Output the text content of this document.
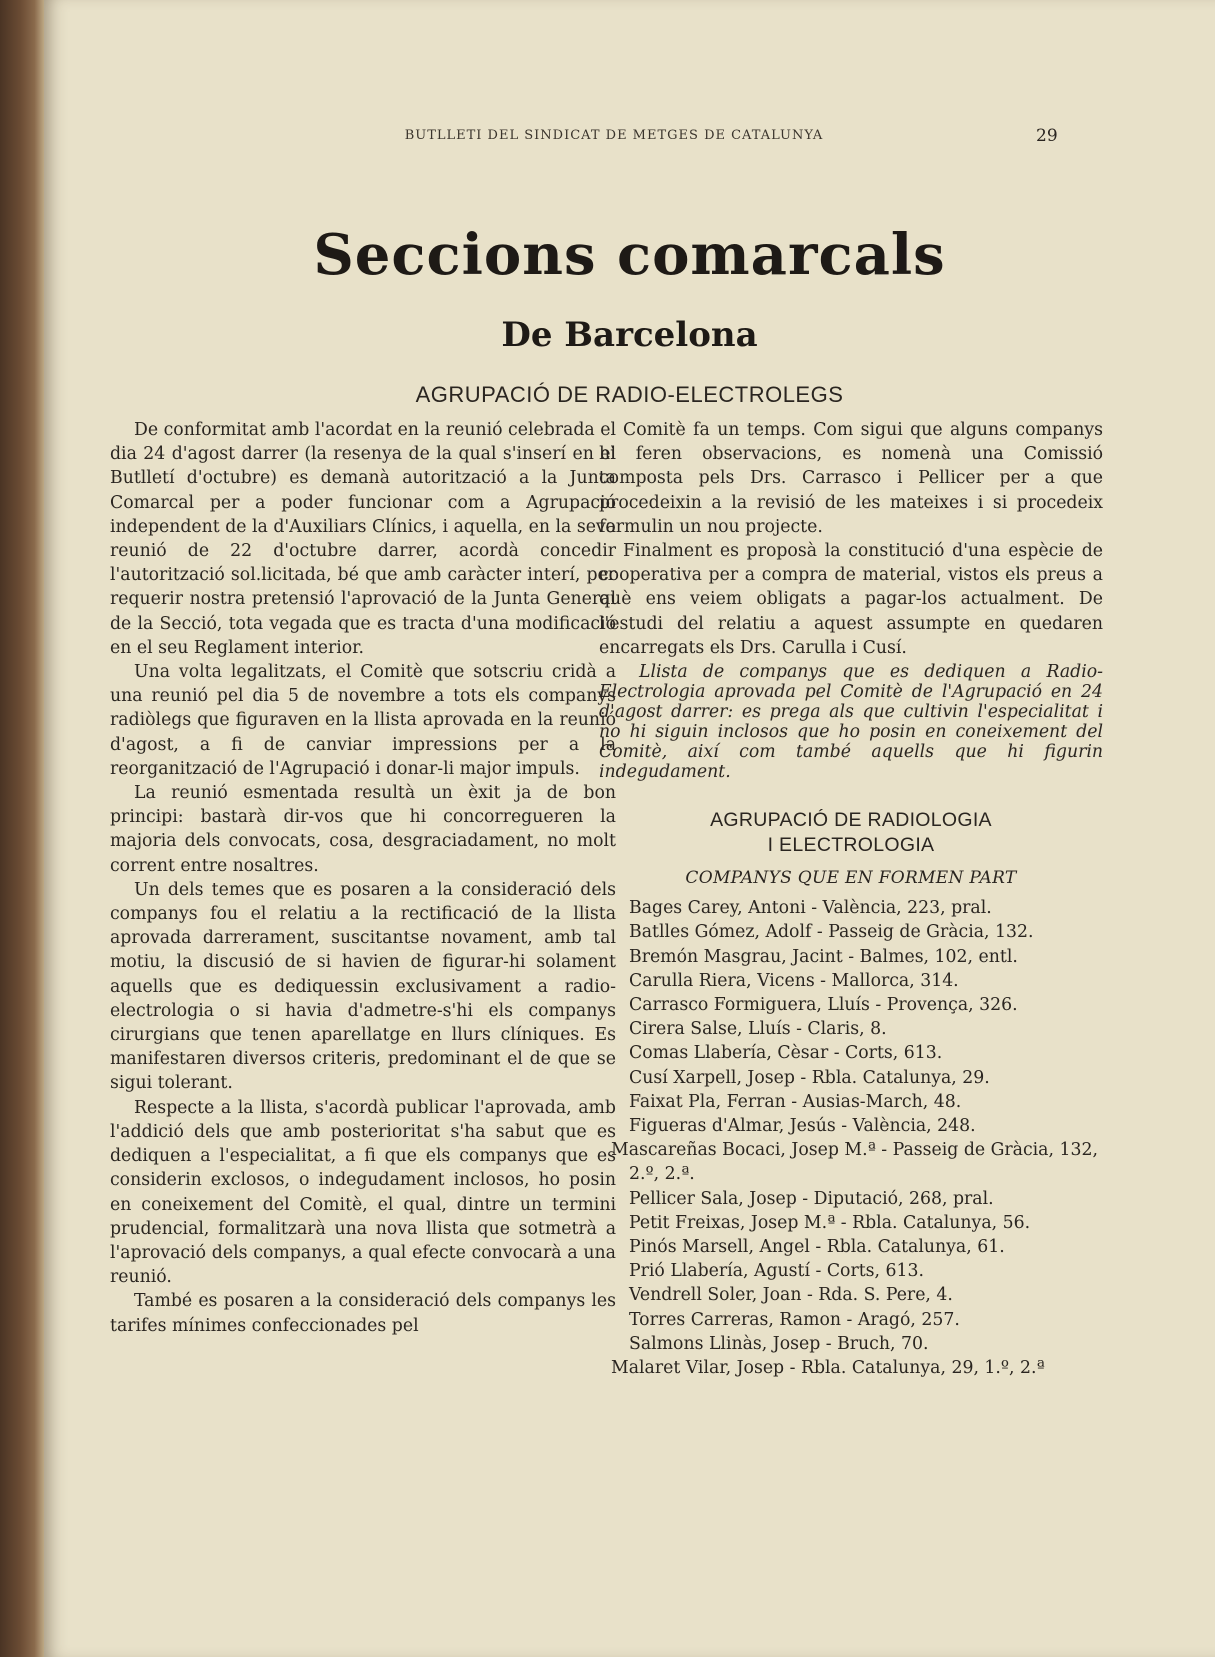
BUTLLETI DEL SINDICAT DE METGES DE CATALUNYA	29
Seccions comarcals
De Barcelona
AGRUPACIÓ DE RADIO-ELECTROLEGS

De conformitat amb l'acordat en la reunió celebrada el dia 24 d'agost darrer (la resenya de la qual s'inserí en el Butlletí d'octubre) es demanà autorització a la Junta Comarcal per a poder funcionar com a Agrupació independent de la d'Auxiliars Clínics, i aquella, en la seva reunió de 22 d'octubre darrer, acordà concedir l'autorització sol.licitada, bé que amb caràcter interí, per requerir nostra pretensió l'aprovació de la Junta General de la Secció, tota vegada que es tracta d'una modificació en el seu Reglament interior.

Una volta legalitzats, el Comitè que sotscriu cridà a una reunió pel dia 5 de novembre a tots els companys radiòlegs que figuraven en la llista aprovada en la reunió d'agost, a fi de canviar impressions per a la reorganització de l'Agrupació i donar-li major impuls.

La reunió esmentada resultà un èxit ja de bon principi: bastarà dir-vos que hi concorregueren la majoria dels convocats, cosa, desgraciadament, no molt corrent entre nosaltres.

Un dels temes que es posaren a la consideració dels companys fou el relatiu a la rectificació de la llista aprovada darrerament, suscitantse novament, amb tal motiu, la discusió de si havien de figurar-hi solament aquells que es dediquessin exclusivament a radio-electrologia o si havia d'admetre-s'hi els companys cirurgians que tenen aparellatge en llurs clíniques. Es manifestaren diversos criteris, predominant el de que se sigui tolerant.

Respecte a la llista, s'acordà publicar l'aprovada, amb l'addició dels que amb posterioritat s'ha sabut que es dediquen a l'especialitat, a fi que els companys que es considerin exclosos, o indegudament inclosos, ho posin en coneixement del Comitè, el qual, dintre un termini prudencial, formalitzarà una nova llista que sotmetrà a l'aprovació dels companys, a qual efecte convocarà a una reunió.

També es posaren a la consideració dels companys les tarifes mínimes confeccionades pel

Comitè fa un temps. Com sigui que alguns companys hi feren observacions, es nomenà una Comissió composta pels Drs. Carrasco i Pellicer per a que procedeixin a la revisió de les mateixes i si procedeix formulin un nou projecte.

Finalment es proposà la constitució d'una espècie de cooperativa per a compra de material, vistos els preus a què ens veiem obligats a pagar-los actualment. De l'estudi del relatiu a aquest assumpte en quedaren encarregats els Drs. Carulla i Cusí.

Llista de companys que es dediquen a Radio-Electrologia aprovada pel Comitè de l'Agrupació en 24 d'agost darrer: es prega als que cultivin l'especialitat i no hi siguin inclosos que ho posin en coneixement del Comitè, així com també aquells que hi figurin indegudament.

AGRUPACIÓ DE RADIOLOGIA
I ELECTROLOGIA
COMPANYS QUE EN FORMEN PART

Bages Carey, Antoni - València, 223, pral.

Batlles Gómez, Adolf - Passeig de Gràcia, 132.

Bremón Masgrau, Jacint - Balmes, 102, entl.

Carulla Riera, Vicens - Mallorca, 314.

Carrasco Formiguera, Lluís - Provença, 326.

Cirera Salse, Lluís - Claris, 8.

Comas Llabería, Cèsar - Corts, 613.

Cusí Xarpell, Josep - Rbla. Catalunya, 29.

Faixat Pla, Ferran - Ausias-March, 48.

Figueras d'Almar, Jesús - València, 248.

Mascareñas Bocaci, Josep M.ª - Passeig de Gràcia, 132, 2.º, 2.ª.

Pellicer Sala, Josep - Diputació, 268, pral.

Petit Freixas, Josep M.ª - Rbla. Catalunya, 56.

Pinós Marsell, Angel - Rbla. Catalunya, 61.

Prió Llabería, Agustí - Corts, 613.

Vendrell Soler, Joan - Rda. S. Pere, 4.

Torres Carreras, Ramon - Aragó, 257.

Salmons Llinàs, Josep - Bruch, 70.

Malaret Vilar, Josep - Rbla. Catalunya, 29, 1.º, 2.ª
